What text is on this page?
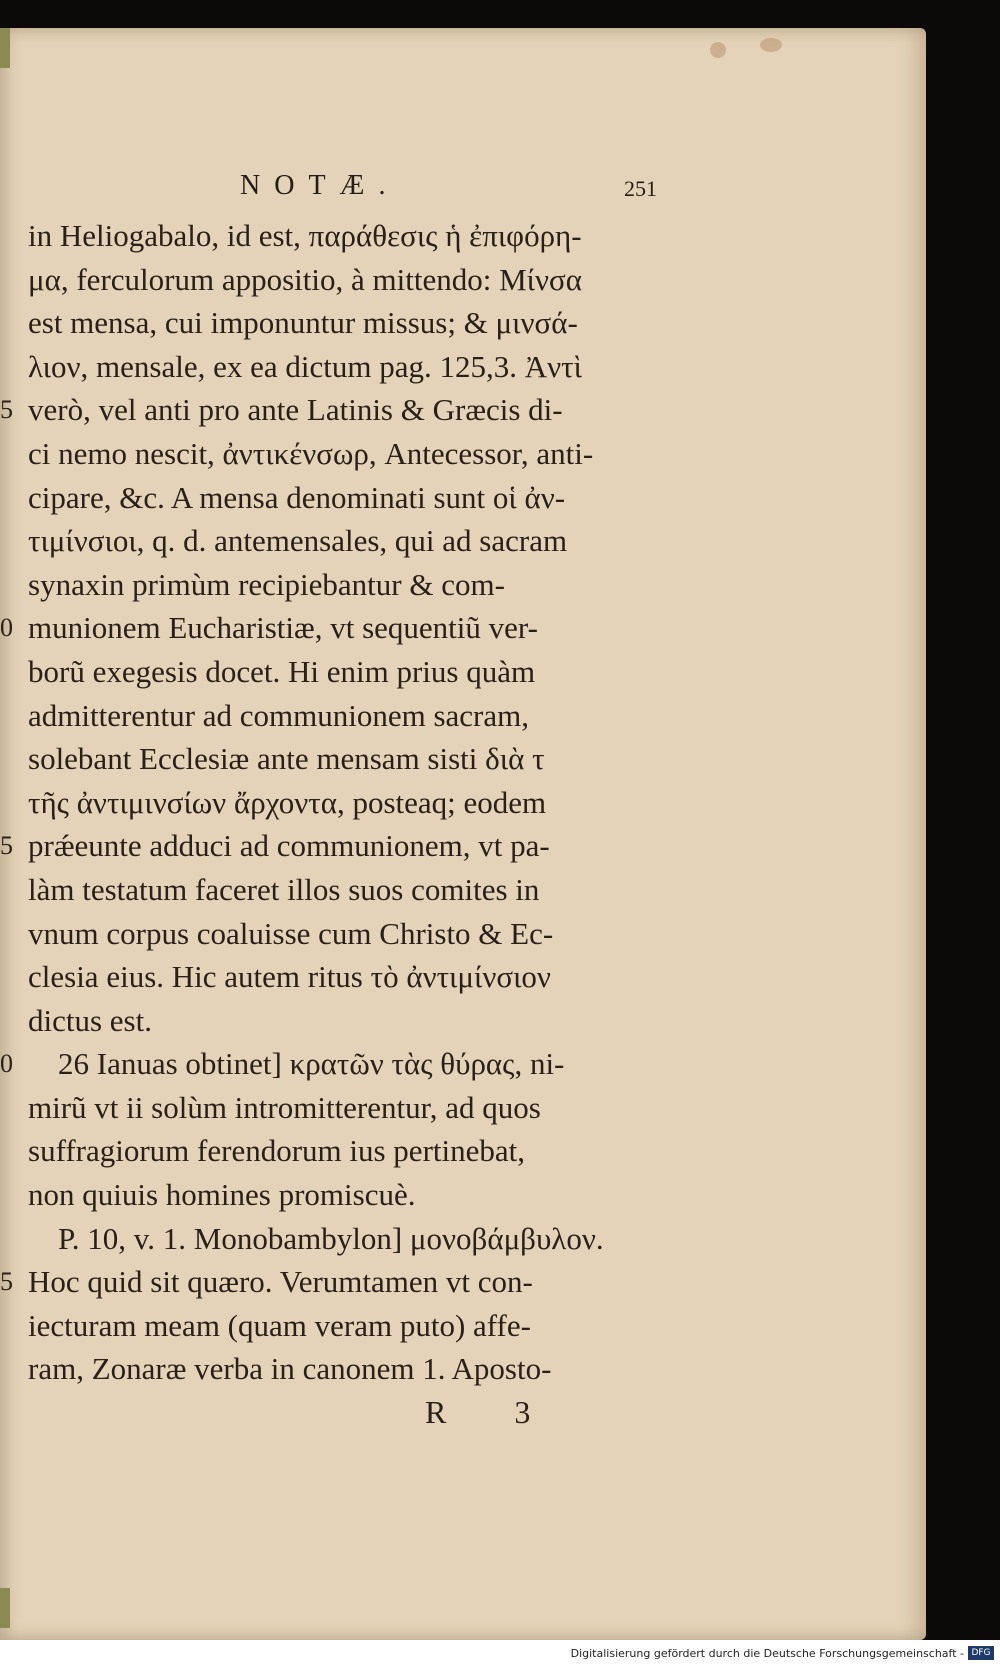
NOTÆ.	251
in Heliogabalo, id est, παράθεσις ἡ ἐπιφόρη-
μα, ferculorum appositio, à mittendo: Μίνσα
est mensa, cui imponuntur missus; & μινσά-
λιον, mensale, ex ea dictum pag. 125,3. Ἀντὶ
verò, vel anti pro ante Latinis & Græcis di-
5
ci nemo nescit, ἀντικένσωρ, Antecessor, anti-
cipare, &c. A mensa denominati sunt οἱ ἀν-
τιμίνσιοι, q. d. antemensales, qui ad sacram
synaxin primùm recipiebantur & com-
munionem Eucharistiæ, vt sequentiũ ver-
0
borũ exegesis docet. Hi enim prius quàm
admitterentur ad communionem sacram,
solebant Ecclesiæ ante mensam sisti διὰ τ
τῆς ἀντιμινσίων ἄρχοντα, posteaq; eodem
prǽeunte adduci ad communionem, vt pa-
5
làm testatum faceret illos suos comites in
vnum corpus coaluisse cum Christo & Ec-
clesia eius. Hic autem ritus τὸ ἀντιμίνσιον
dictus est.
26 Ianuas obtinet] κρατῶν τὰς θύρας, ni-
0
mirũ vt ii solùm intromitterentur, ad quos
suffragiorum ferendorum ius pertinebat,
non quiuis homines promiscuè.
P. 10, v. 1. Monobambylon] μονοβάμβυλον.
Hoc quid sit quæro. Verumtamen vt con-
5
iecturam meam (quam veram puto) affe-
ram, Zonaræ verba in canonem 1. Aposto-
R 3
Digitalisierung gefördert durch die Deutsche Forschungsgemeinschaft - DFG
